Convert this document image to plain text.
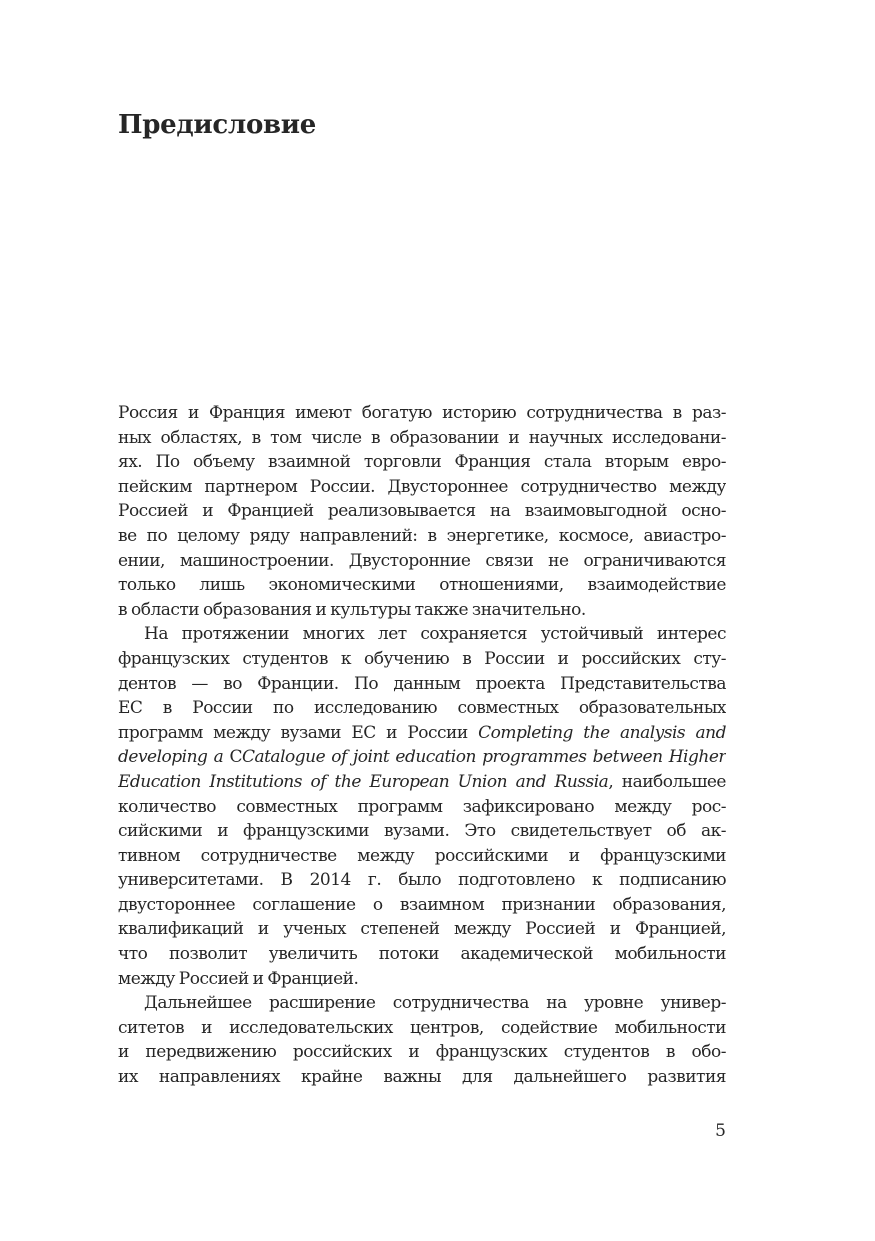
Предисловие
Россия и Франция имеют богатую историю сотрудничества в раз-
ных областях, в том числе в образовании и научных исследовани-
ях. По объему взаимной торговли Франция стала вторым евро-
пейским партнером России. Двустороннее сотрудничество между
Россией и Францией реализовывается на взаимовыгодной осно-
ве по целому ряду направлений: в энергетике, космосе, авиастро-
ении, машиностроении. Двусторонние связи не ограничиваются
только лишь экономическими отношениями, взаимодействие
в области образования и культуры также значительно.
На протяжении многих лет сохраняется устойчивый интерес
французских студентов к обучению в России и российских сту-
дентов — во Франции. По данным проекта Представительства
ЕС в России по исследованию совместных образовательных
программ между вузами ЕС и России Completing the analysis and
developing a CCatalogue of joint education programmes between Higher
Education Institutions of the European Union and Russia, наибольшее
количество совместных программ зафиксировано между рос-
сийскими и французскими вузами. Это свидетельствует об ак-
тивном сотрудничестве между российскими и французскими
университетами. В 2014 г. было подготовлено к подписанию
двустороннее соглашение о взаимном признании образования,
квалификаций и ученых степеней между Россией и Францией,
что позволит увеличить потоки академической мобильности
между Россией и Францией.
Дальнейшее расширение сотрудничества на уровне универ-
ситетов и исследовательских центров, содействие мобильности
и передвижению российских и французских студентов в обо-
их направлениях крайне важны для дальнейшего развития
5
